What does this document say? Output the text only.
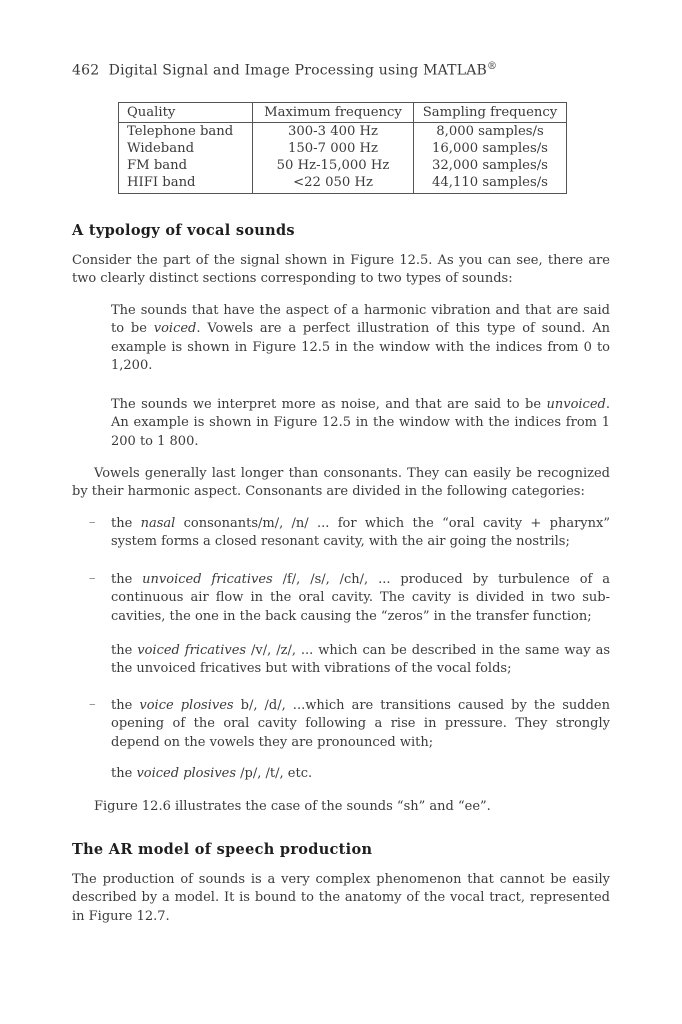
462 Digital Signal and Image Processing using MATLAB®
Quality	Maximum frequency	Sampling frequency
Telephone band	300-3 400 Hz	8,000 samples/s
Wideband	150-7 000 Hz	16,000 samples/s
FM band	50 Hz-15,000 Hz	32,000 samples/s
HIFI band	<22 050 Hz	44,110 samples/s
A typology of vocal sounds
Consider the part of the signal shown in Figure 12.5. As you can see, there are two clearly distinct sections corresponding to two types of sounds:
The sounds that have the aspect of a harmonic vibration and that are said to be voiced. Vowels are a perfect illustration of this type of sound. An example is shown in Figure 12.5 in the window with the indices from 0 to 1,200.
The sounds we interpret more as noise, and that are said to be unvoiced. An example is shown in Figure 12.5 in the window with the indices from 1 200 to 1 800.
Vowels generally last longer than consonants. They can easily be recognized by their harmonic aspect. Consonants are divided in the following categories:
– the nasal consonants/m/, /n/ ... for which the “oral cavity + pharynx” system forms a closed resonant cavity, with the air going the nostrils;
– the unvoiced fricatives /f/, /s/, /ch/, ... produced by turbulence of a continuous air flow in the oral cavity. The cavity is divided in two sub-cavities, the one in the back causing the “zeros” in the transfer function;
the voiced fricatives /v/, /z/, ... which can be described in the same way as the unvoiced fricatives but with vibrations of the vocal folds;
– the voice plosives b/, /d/, ...which are transitions caused by the sudden opening of the oral cavity following a rise in pressure. They strongly depend on the vowels they are pronounced with;
the voiced plosives /p/, /t/, etc.
Figure 12.6 illustrates the case of the sounds “sh” and “ee”.
The AR model of speech production
The production of sounds is a very complex phenomenon that cannot be easily described by a model. It is bound to the anatomy of the vocal tract, represented in Figure 12.7.
